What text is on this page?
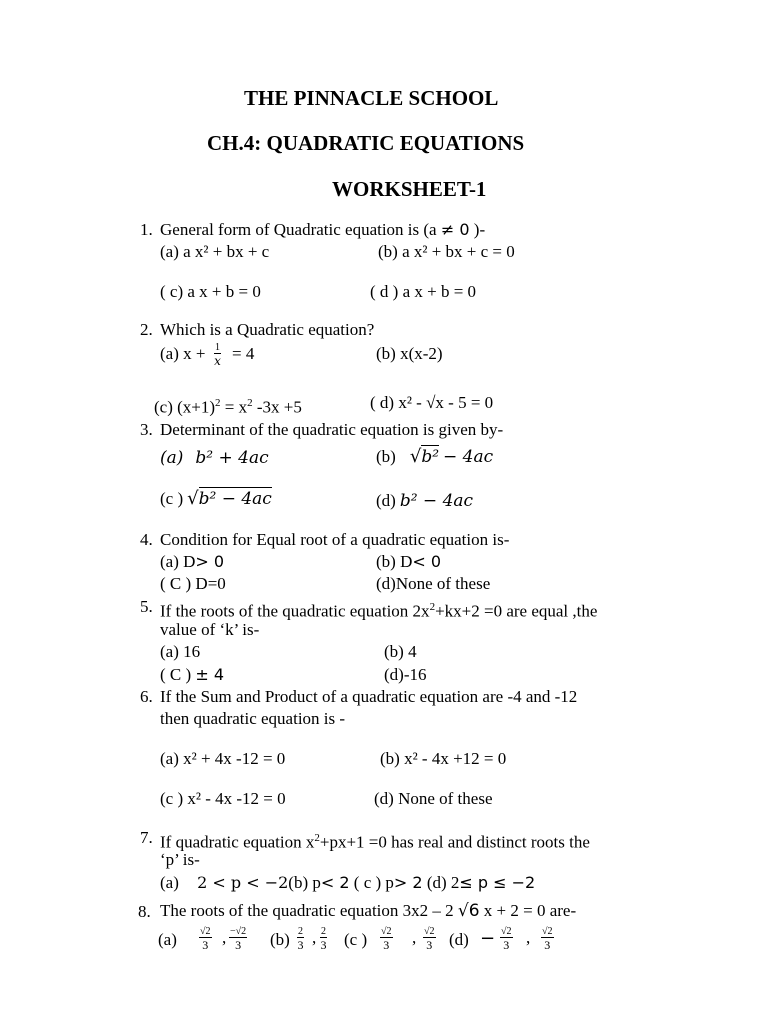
THE PINNACLE SCHOOL
CH.4: QUADRATIC EQUATIONS
WORKSHEET-1
1. General form of Quadratic equation is (a ≠ 0 )-
(a) a x² + bx + c	(b) a x² + bx + c = 0
( c) a x + b = 0	( d ) a x + b = 0
2. Which is a Quadratic equation?
(a) x + 1
x = 4	(b) x(x-2)
(c) $(x+1)^2 = x^2$ -3x +5	( d) x² - √x - 5 = 0
3. Determinant of the quadratic equation is given by-
(a) b² + 4ac	(b) √b² − 4ac
(c ) √b² − 4ac	(d) b² − 4ac
4. Condition for Equal root of a quadratic equation is-
(a) D> 0	(b) D< 0
( C ) D=0	(d)None of these
5. If the roots of the quadratic equation $2x^2+kx+2 =0$ are equal ,the
value of ‘k’ is-
(a) 16	(b) 4
( C ) ± 4	(d)-16
6. If the Sum and Product of a quadratic equation are -4 and -12
then quadratic equation is -
(a) x² + 4x -12 = 0	(b) x² - 4x +12 = 0
(c ) x² - 4x -12 = 0	(d) None of these
7. If quadratic equation $x^2+px+1 =0$ has real and distinct roots the
‘p’ is-
(a) 2 < p < −2(b) p< 2 ( c ) p> 2 (d) 2≤ p ≤ −2
8. The roots of the quadratic equation 3x2 – 2 √6 x + 2 = 0 are-
(a) √2
3 , −√2
3 (b) 2
3 , 2
3 (c ) √2
3 , √2
3 (d) − √2
3 , √2
3
